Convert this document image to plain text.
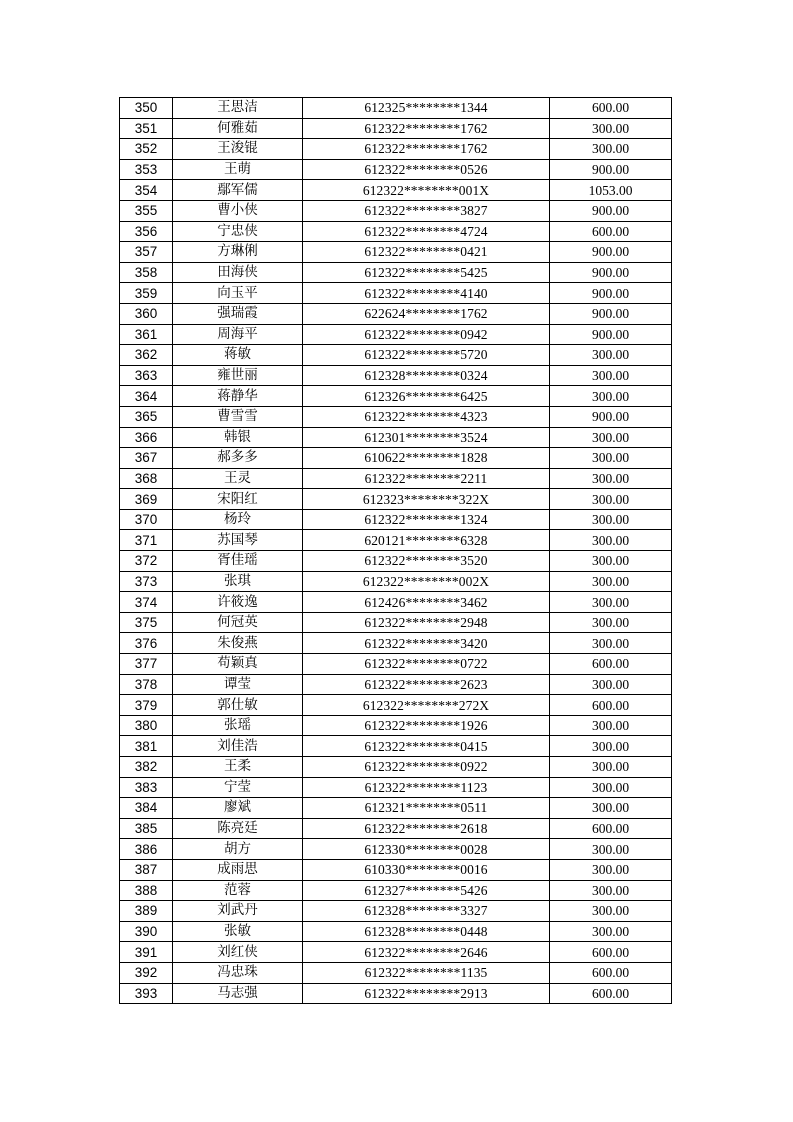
350	王思洁	612325********1344	600.00
351	何雅茹	612322********1762	300.00
352	王浚锟	612322********1762	300.00
353	王萌	612322********0526	900.00
354	鄢军儒	612322********001X	1053.00
355	曹小侠	612322********3827	900.00
356	宁忠侠	612322********4724	600.00
357	方琳俐	612322********0421	900.00
358	田海侠	612322********5425	900.00
359	向玉平	612322********4140	900.00
360	强瑞霞	622624********1762	900.00
361	周海平	612322********0942	900.00
362	蒋敏	612322********5720	300.00
363	雍世丽	612328********0324	300.00
364	蒋静华	612326********6425	300.00
365	曹雪雪	612322********4323	900.00
366	韩银	612301********3524	300.00
367	郝多多	610622********1828	300.00
368	王灵	612322********2211	300.00
369	宋阳红	612323********322X	300.00
370	杨玲	612322********1324	300.00
371	苏国琴	620121********6328	300.00
372	胥佳瑶	612322********3520	300.00
373	张琪	612322********002X	300.00
374	许筱逸	612426********3462	300.00
375	何冠英	612322********2948	300.00
376	朱俊燕	612322********3420	300.00
377	苟颖真	612322********0722	600.00
378	谭莹	612322********2623	300.00
379	郭仕敏	612322********272X	600.00
380	张瑶	612322********1926	300.00
381	刘佳浩	612322********0415	300.00
382	王柔	612322********0922	300.00
383	宁莹	612322********1123	300.00
384	廖斌	612321********0511	300.00
385	陈亮廷	612322********2618	600.00
386	胡方	612330********0028	300.00
387	成雨思	610330********0016	300.00
388	范蓉	612327********5426	300.00
389	刘武丹	612328********3327	300.00
390	张敏	612328********0448	300.00
391	刘红侠	612322********2646	600.00
392	冯忠珠	612322********1135	600.00
393	马志强	612322********2913	600.00
